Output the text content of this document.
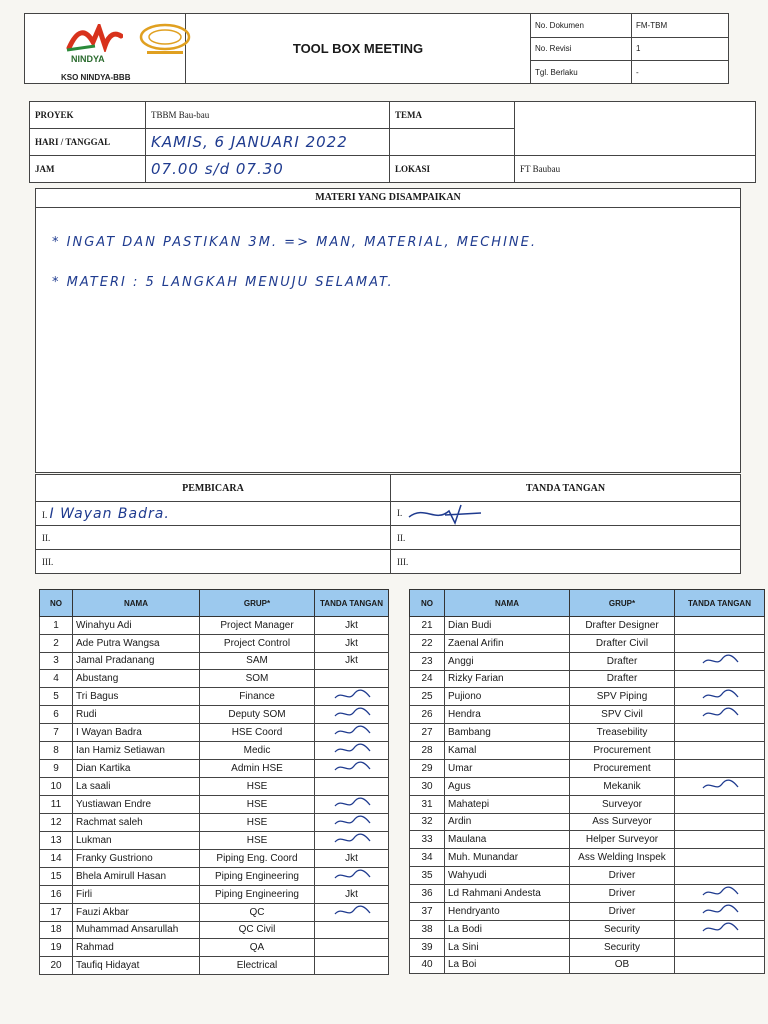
NINDYA
KSO NINDYA-BBB
TOOL BOX MEETING
No. Dokumen	FM-TBM
No. Revisi	1
Tgl. Berlaku	-
PROYEK	TBBM Bau-bau	TEMA	
HARI / TANGGAL	KAMIS, 6 JANUARI 2022		
JAM	07.00 s/d 07.30	LOKASI	FT Baubau
MATERI YANG DISAMPAIKAN
* INGAT DAN PASTIKAN 3M. => MAN, MATERIAL, MECHINE.
* MATERI : 5 LANGKAH MENUJU SELAMAT.
PEMBICARA	TANDA TANGAN
I. I Wayan Badra.	I.
II.	II.
III.	III.
NO	NAMA	GRUP*	TANDA TANGAN
1	Winahyu Adi	Project Manager	Jkt
2	Ade Putra Wangsa	Project Control	Jkt
3	Jamal Pradanang	SAM	Jkt
4	Abustang	SOM	
5	Tri Bagus	Finance	
6	Rudi	Deputy SOM	
7	I Wayan Badra	HSE Coord	
8	Ian Hamiz Setiawan	Medic	
9	Dian Kartika	Admin HSE	
10	La saali	HSE	
11	Yustiawan Endre	HSE	
12	Rachmat saleh	HSE	
13	Lukman	HSE	
14	Franky Gustriono	Piping Eng. Coord	Jkt
15	Bhela Amirull Hasan	Piping Engineering	
16	Firli	Piping Engineering	Jkt
17	Fauzi Akbar	QC	
18	Muhammad Ansarullah	QC Civil	
19	Rahmad	QA	
20	Taufiq Hidayat	Electrical	
NO	NAMA	GRUP*	TANDA TANGAN
21	Dian Budi	Drafter Designer	
22	Zaenal Arifin	Drafter Civil	
23	Anggi	Drafter	
24	Rizky Farian	Drafter	
25	Pujiono	SPV Piping	
26	Hendra	SPV Civil	
27	Bambang	Treasebility	
28	Kamal	Procurement	
29	Umar	Procurement	
30	Agus	Mekanik	
31	Mahatepi	Surveyor	
32	Ardin	Ass Surveyor	
33	Maulana	Helper Surveyor	
34	Muh. Munandar	Ass Welding Inspek	
35	Wahyudi	Driver	
36	Ld Rahmani Andesta	Driver	
37	Hendryanto	Driver	
38	La Bodi	Security	
39	La Sini	Security	
40	La Boi	OB	
